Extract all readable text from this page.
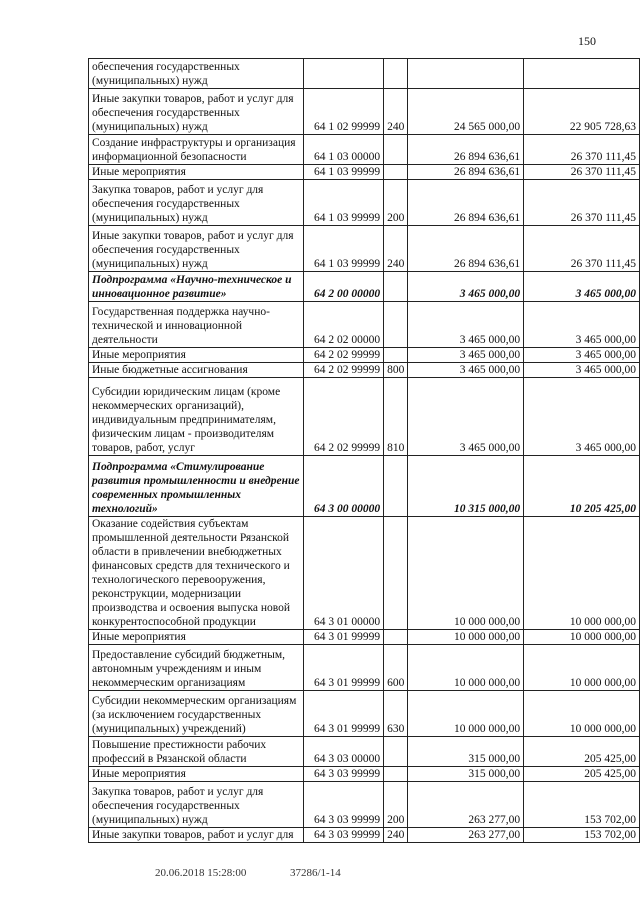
150
обеспечения государственных (муниципальных) нужд				
Иные закупки товаров, работ и услуг для обеспечения государственных (муниципальных) нужд	64 1 02 99999	240	24 565 000,00	22 905 728,63
Создание инфраструктуры и организация информационной безопасности	64 1 03 00000		26 894 636,61	26 370 111,45
Иные мероприятия	64 1 03 99999		26 894 636,61	26 370 111,45
Закупка товаров, работ и услуг для обеспечения государственных (муниципальных) нужд	64 1 03 99999	200	26 894 636,61	26 370 111,45
Иные закупки товаров, работ и услуг для обеспечения государственных (муниципальных) нужд	64 1 03 99999	240	26 894 636,61	26 370 111,45
Подпрограмма «Научно-техническое и инновационное развитие»	64 2 00 00000		3 465 000,00	3 465 000,00
Государственная поддержка научно-технической и инновационной деятельности	64 2 02 00000		3 465 000,00	3 465 000,00
Иные мероприятия	64 2 02 99999		3 465 000,00	3 465 000,00
Иные бюджетные ассигнования	64 2 02 99999	800	3 465 000,00	3 465 000,00
Субсидии юридическим лицам (кроме некоммерческих организаций), индивидуальным предпринимателям, физическим лицам - производителям товаров, работ, услуг	64 2 02 99999	810	3 465 000,00	3 465 000,00
Подпрограмма «Стимулирование развития промышленности и внедрение современных промышленных технологий»	64 3 00 00000		10 315 000,00	10 205 425,00
Оказание содействия субъектам промышленной деятельности Рязанской области в привлечении внебюджетных финансовых средств для технического и технологического перевооружения, реконструкции, модернизации производства и освоения выпуска новой конкурентоспособной продукции	64 3 01 00000		10 000 000,00	10 000 000,00
Иные мероприятия	64 3 01 99999		10 000 000,00	10 000 000,00
Предоставление субсидий бюджетным, автономным учреждениям и иным некоммерческим организациям	64 3 01 99999	600	10 000 000,00	10 000 000,00
Субсидии некоммерческим организациям (за исключением государственных (муниципальных) учреждений)	64 3 01 99999	630	10 000 000,00	10 000 000,00
Повышение престижности рабочих профессий в Рязанской области	64 3 03 00000		315 000,00	205 425,00
Иные мероприятия	64 3 03 99999		315 000,00	205 425,00
Закупка товаров, работ и услуг для обеспечения государственных (муниципальных) нужд	64 3 03 99999	200	263 277,00	153 702,00
Иные закупки товаров, работ и услуг для	64 3 03 99999	240	263 277,00	153 702,00
20.06.2018 15:28:00	37286/1-14
